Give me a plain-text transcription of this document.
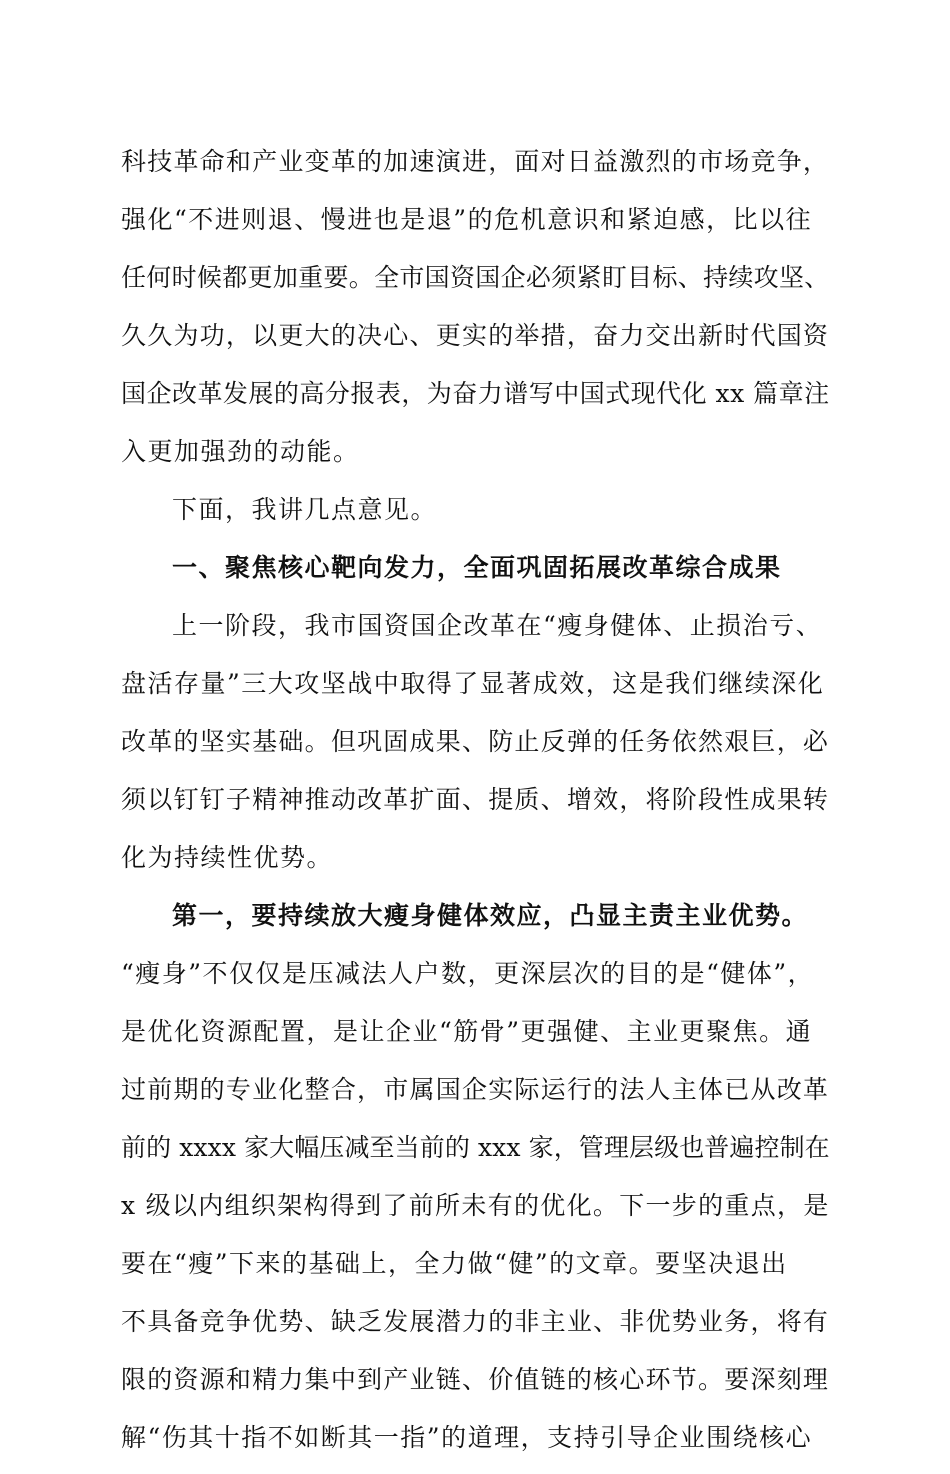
科技革命和产业变革的加速演进，面对日益激烈的市场竞争，
强化“不进则退、慢进也是退”的危机意识和紧迫感，比以往
任何时候都更加重要。全市国资国企必须紧盯目标、持续攻坚、
久久为功，以更大的决心、更实的举措，奋力交出新时代国资
国企改革发展的高分报表，为奋力谱写中国式现代化 xx 篇章注
入更加强劲的动能。
下面，我讲几点意见。
一、聚焦核心靶向发力，全面巩固拓展改革综合成果
上一阶段，我市国资国企改革在“瘦身健体、止损治亏、
盘活存量”三大攻坚战中取得了显著成效，这是我们继续深化
改革的坚实基础。但巩固成果、防止反弹的任务依然艰巨，必
须以钉钉子精神推动改革扩面、提质、增效，将阶段性成果转
化为持续性优势。
第一，要持续放大瘦身健体效应，凸显主责主业优势。
“瘦身”不仅仅是压减法人户数，更深层次的目的是“健体”，
是优化资源配置，是让企业“筋骨”更强健、主业更聚焦。通
过前期的专业化整合，市属国企实际运行的法人主体已从改革
前的 xxxx 家大幅压减至当前的 xxx 家，管理层级也普遍控制在
x 级以内组织架构得到了前所未有的优化。下一步的重点，是
要在“瘦”下来的基础上，全力做“健”的文章。要坚决退出
不具备竞争优势、缺乏发展潜力的非主业、非优势业务，将有
限的资源和精力集中到产业链、价值链的核心环节。要深刻理
解“伤其十指不如断其一指”的道理，支持引导企业围绕核心
